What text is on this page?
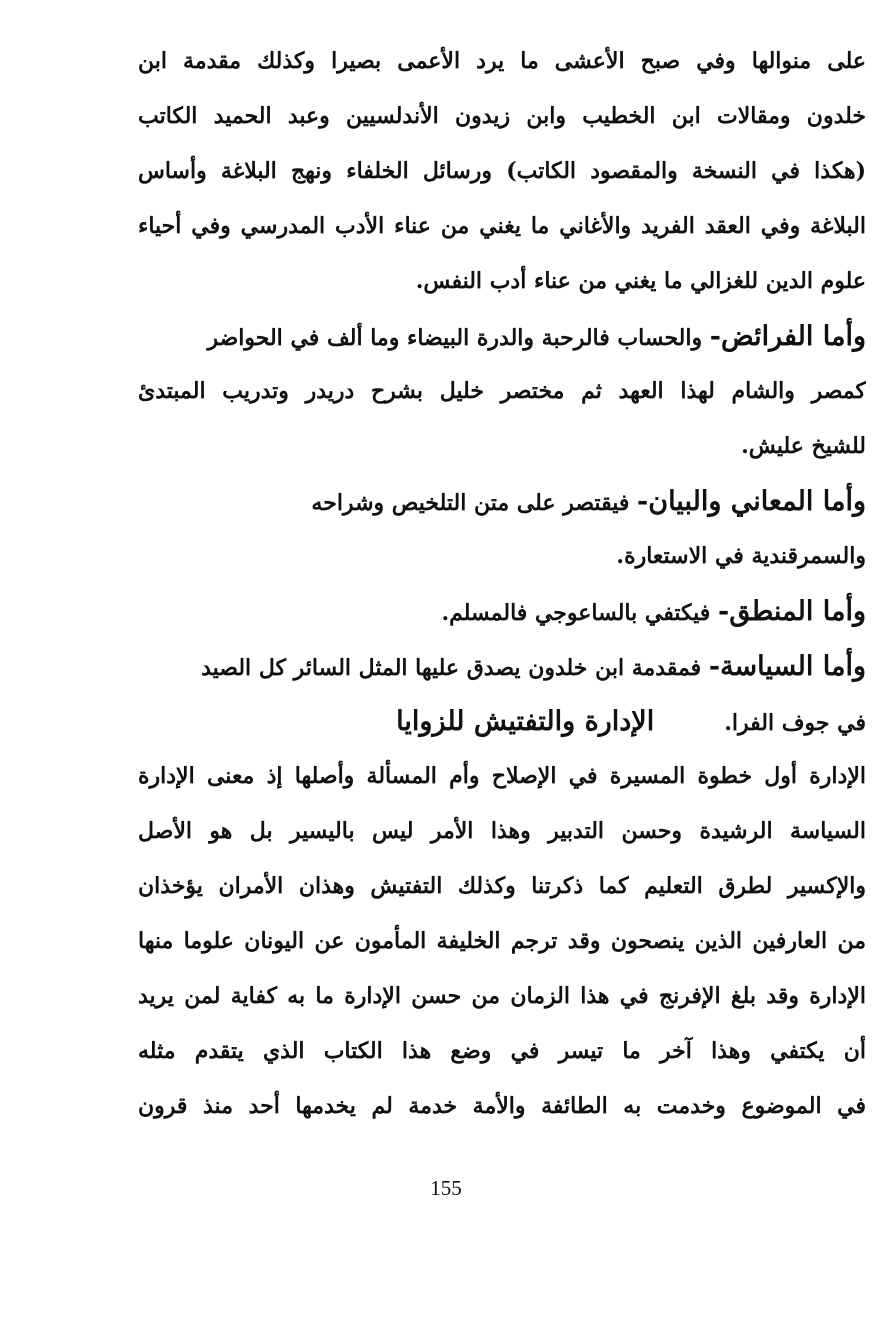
على منوالها وفي صبح الأعشى ما يرد الأعمى بصيرا وكذلك مقدمة ابن
خلدون ومقالات ابن الخطيب وابن زيدون الأندلسيين وعبد الحميد الكاتب
(هكذا في النسخة والمقصود الكاتب) ورسائل الخلفاء ونهج البلاغة وأساس
البلاغة وفي العقد الفريد والأغاني ما يغني من عناء الأدب المدرسي وفي أحياء
علوم الدين للغزالي ما يغني من عناء أدب النفس.
وأما الفرائض- والحساب فالرحبة والدرة البيضاء وما ألف في الحواضر
كمصر والشام لهذا العهد ثم مختصر خليل بشرح دريدر وتدريب المبتدئ
للشيخ عليش.
وأما المعاني والبيان- فيقتصر على متن التلخيص وشراحه
والسمرقندية في الاستعارة.
وأما المنطق- فيكتفي بالساعوجي فالمسلم.
وأما السياسة- فمقدمة ابن خلدون يصدق عليها المثل السائر كل الصيد
في جوف الفرا.
الإدارة والتفتيش للزوايا
الإدارة أول خطوة المسيرة في الإصلاح وأم المسألة وأصلها إذ معنى الإدارة
السياسة الرشيدة وحسن التدبير وهذا الأمر ليس باليسير بل هو الأصل
والإكسير لطرق التعليم كما ذكرتنا وكذلك التفتيش وهذان الأمران يؤخذان
من العارفين الذين ينصحون وقد ترجم الخليفة المأمون عن اليونان علوما منها
الإدارة وقد بلغ الإفرنج في هذا الزمان من حسن الإدارة ما به كفاية لمن يريد
أن يكتفي وهذا آخر ما تيسر في وضع هذا الكتاب الذي يتقدم مثله
في الموضوع وخدمت به الطائفة والأمة خدمة لم يخدمها أحد منذ قرون
155
